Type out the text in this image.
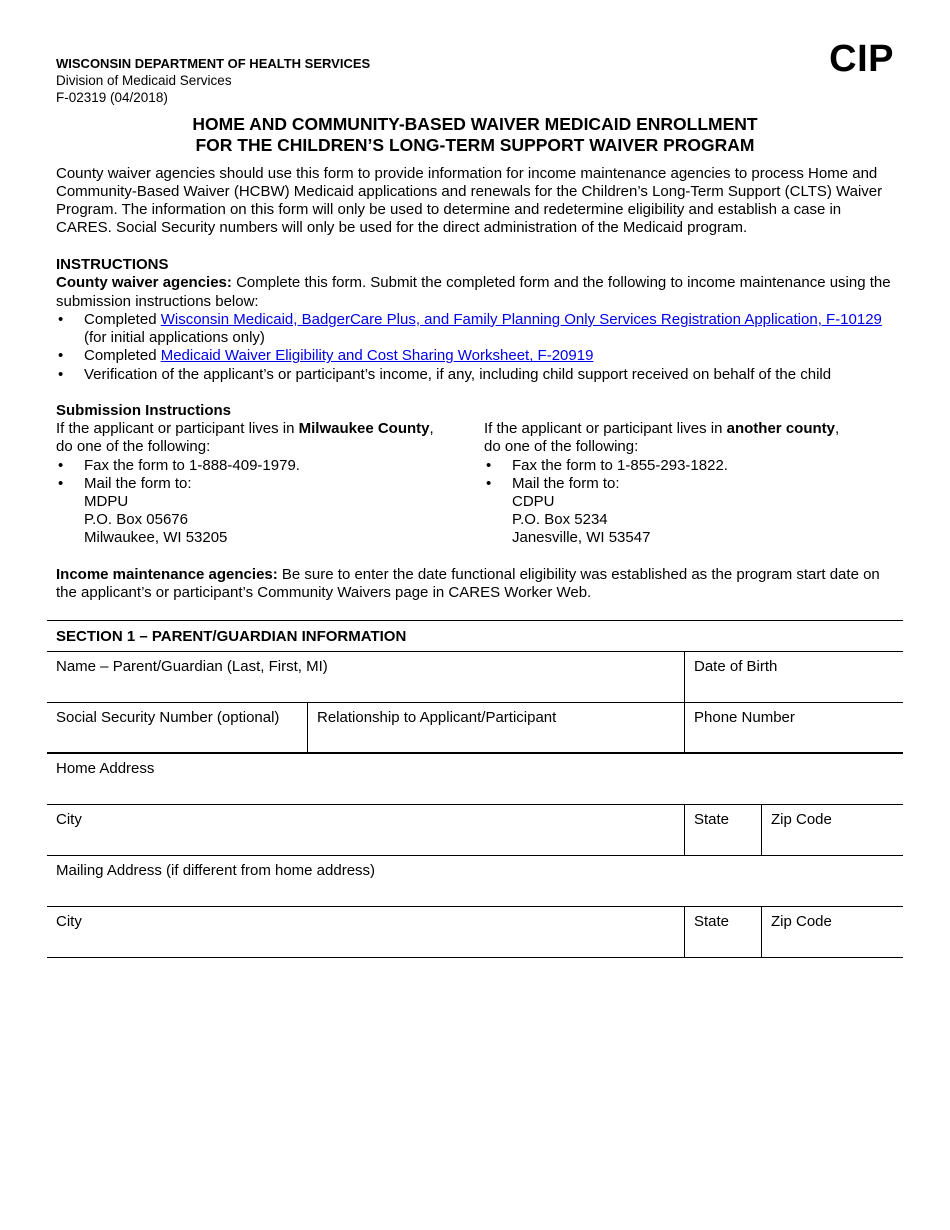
WISCONSIN DEPARTMENT OF HEALTH SERVICES
Division of Medicaid Services
F-02319 (04/2018)
CIP
HOME AND COMMUNITY-BASED WAIVER MEDICAID ENROLLMENT
FOR THE CHILDREN’S LONG-TERM SUPPORT WAIVER PROGRAM
County waiver agencies should use this form to provide information for income maintenance agencies to process Home and Community-Based Waiver (HCBW) Medicaid applications and renewals for the Children’s Long-Term Support (CLTS) Waiver Program. The information on this form will only be used to determine and redetermine eligibility and establish a case in CARES. Social Security numbers will only be used for the direct administration of the Medicaid program.
INSTRUCTIONS
County waiver agencies: Complete this form. Submit the completed form and the following to income maintenance using the submission instructions below:
• Completed Wisconsin Medicaid, BadgerCare Plus, and Family Planning Only Services Registration Application, F-10129 (for initial applications only)
• Completed Medicaid Waiver Eligibility and Cost Sharing Worksheet, F-20919
• Verification of the applicant’s or participant’s income, if any, including child support received on behalf of the child
Submission Instructions
If the applicant or participant lives in Milwaukee County,
do one of the following:
• Fax the form to 1-888-409-1979.
• Mail the form to:
MDPU
P.O. Box 05676
Milwaukee, WI 53205
If the applicant or participant lives in another county,
do one of the following:
• Fax the form to 1-855-293-1822.
• Mail the form to:
CDPU
P.O. Box 5234
Janesville, WI 53547
Income maintenance agencies: Be sure to enter the date functional eligibility was established as the program start date on the applicant’s or participant’s Community Waivers page in CARES Worker Web.
SECTION 1 – PARENT/GUARDIAN INFORMATION
Name – Parent/Guardian (Last, First, MI)	Date of Birth
Social Security Number (optional)	Relationship to Applicant/Participant	Phone Number
Home Address
City	State	Zip Code
Mailing Address (if different from home address)
City	State	Zip Code
